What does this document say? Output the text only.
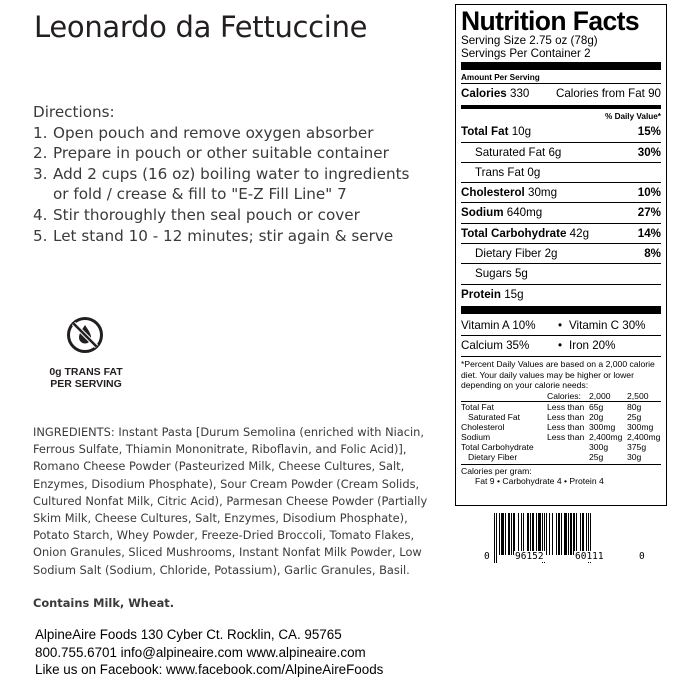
Leonardo da Fettuccine
Directions:
1. Open pouch and remove oxygen absorber
2. Prepare in pouch or other suitable container
3. Add 2 cups (16 oz) boiling water to ingredients
or fold / crease & fill to "E-Z Fill Line" 7
4. Stir thoroughly then seal pouch or cover
5. Let stand 10 - 12 minutes; stir again & serve
0g TRANS FAT
PER SERVING
INGREDIENTS: Instant Pasta [Durum Semolina (enriched with Niacin, Ferrous Sulfate, Thiamin Mononitrate, Riboflavin, and Folic Acid)], Romano Cheese Powder (Pasteurized Milk, Cheese Cultures, Salt, Enzymes, Disodium Phosphate), Sour Cream Powder (Cream Solids, Cultured Nonfat Milk, Citric Acid), Parmesan Cheese Powder (Partially Skim Milk, Cheese Cultures, Salt, Enzymes, Disodium Phosphate), Potato Starch, Whey Powder, Freeze-Dried Broccoli, Tomato Flakes, Onion Granules, Sliced Mushrooms, Instant Nonfat Milk Powder, Low Sodium Salt (Sodium, Chloride, Potassium), Garlic Granules, Basil.
Contains Milk, Wheat.
AlpineAire Foods 130 Cyber Ct. Rocklin, CA. 95765
800.755.6701 info@alpineaire.com www.alpineaire.com
Like us on Facebook: www.facebook.com/AlpineAireFoods
Nutrition Facts
Serving Size 2.75 oz (78g)
Servings Per Container 2
Amount Per Serving
Calories 330 Calories from Fat 90
% Daily Value*
Total Fat 10g	15%
Saturated Fat 6g	30%
Trans Fat 0g
Cholesterol 30mg	10%
Sodium 640mg	27%
Total Carbohydrate 42g	14%
Dietary Fiber 2g	8%
Sugars 5g
Protein 15g
Vitamin A 10%	• Vitamin C 30%
Calcium 35%	• Iron 20%
*Percent Daily Values are based on a 2,000 calorie diet. Your daily values may be higher or lower depending on your calorie needs:
	Calories:	2,000	2,500
Total Fat	Less than	65g	80g
Saturated Fat	Less than	20g	25g
Cholesterol	Less than	300mg	300mg
Sodium	Less than	2,400mg	2,400mg
Total Carbohydrate		300g	375g
Dietary Fiber		25g	30g
Calories per gram:
Fat 9 • Carbohydrate 4 • Protein 4
0	96152	60111	0
